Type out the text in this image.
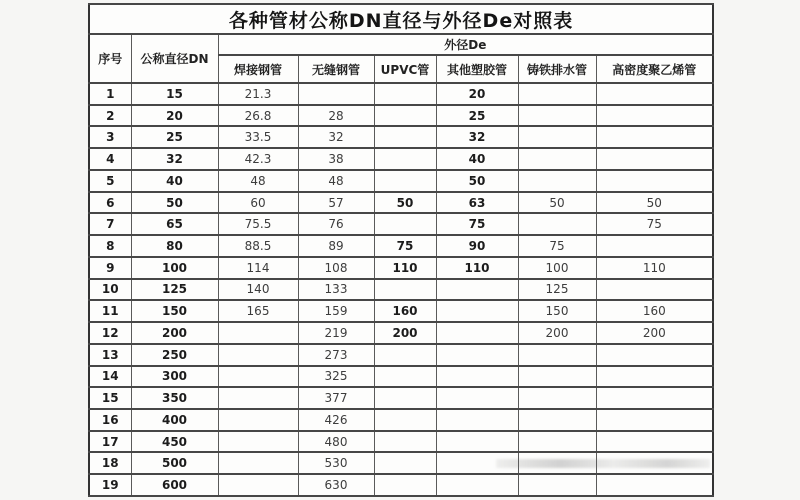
各种管材公称DN直径与外径De对照表							
序号	公称直径DN	外径De					
		焊接钢管	无缝钢管	UPVC管	其他塑胶管	铸铁排水管	高密度聚乙烯管
1	15	21.3			20		
2	20	26.8	28		25		
3	25	33.5	32		32		
4	32	42.3	38		40		
5	40	48	48		50		
6	50	60	57	50	63	50	50
7	65	75.5	76		75		75
8	80	88.5	89	75	90	75	
9	100	114	108	110	110	100	110
10	125	140	133			125	
11	150	165	159	160		150	160
12	200		219	200		200	200
13	250		273				
14	300		325				
15	350		377				
16	400		426				
17	450		480				
18	500		530				
19	600		630				
